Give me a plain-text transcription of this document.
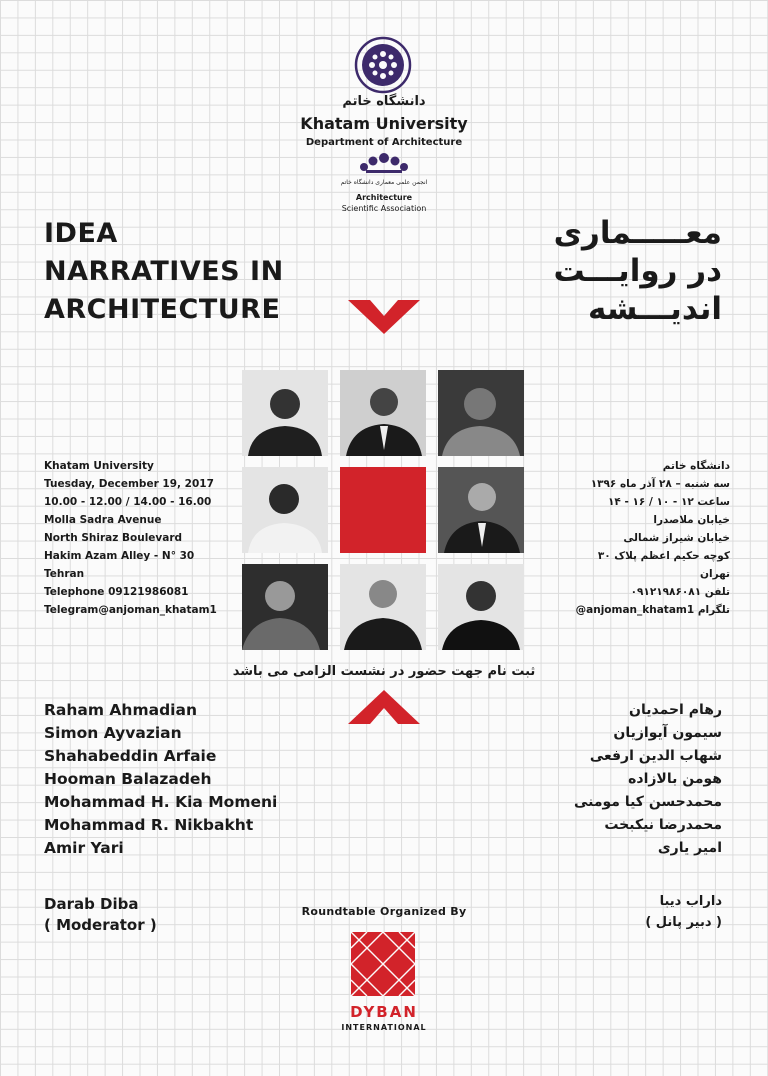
دانشگاه خاتم
Khatam University
Department of Architecture
انجمن علمی معماری دانشگاه خاتم
Architecture
Scientific Association
IDEA
NARRATIVES IN
ARCHITECTURE
معـــــماری
در روایـــت
اندیـــشه
Khatam University
Tuesday, December 19, 2017
10.00 - 12.00 / 14.00 - 16.00
Molla Sadra Avenue
North Shiraz Boulevard
Hakim Azam Alley - N° 30
Tehran
Telephone 09121986081
Telegram@anjoman_khatam1
دانشگاه خاتم
سه شنبه – ۲۸ آذر ماه ۱۳۹۶
ساعت ۱۲ - ۱۰ / ۱۶ - ۱۴
خیابان ملاصدرا
خیابان شیراز شمالی
کوچه حکیم اعظم پلاک ۳۰
تهران
تلفن ۰۹۱۲۱۹۸۶۰۸۱
تلگرام anjoman_khatam1@
ثبت نام جهت حضور در نشست الزامی می باشد
Raham Ahmadian
Simon Ayvazian
Shahabeddin Arfaie
Hooman Balazadeh
Mohammad H. Kia Momeni
Mohammad R. Nikbakht
Amir Yari
رهام احمدیان
سیمون آیوازیان
شهاب الدین ارفعی
هومن بالازاده
محمدحسن کیا مومنی
محمدرضا نیکبخت
امیر یاری
Darab Diba
( Moderator )
داراب دیبا
( دبیر پانل )
Roundtable Organized By
DYBAN
INTERNATIONAL
